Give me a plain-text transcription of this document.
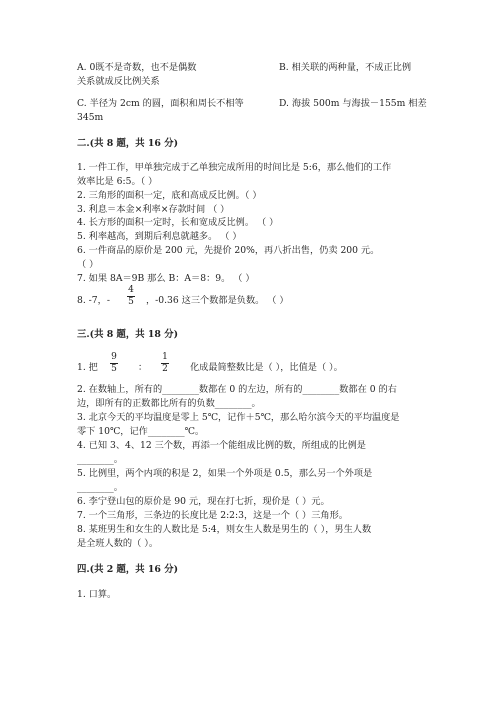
A. 0既不是奇数，也不是偶数	B. 相关联的两种量，不成正比例
关系就成反比例关系
C. 半径为 2cm 的圆，面积和周长不相等	D. 海拔 500m 与海拔－155m 相差
345m
二.(共 8 题，共 16 分)
1. 一件工作，甲单独完成于乙单独完成所用的时间比是 5:6，那么他们的工作
效率比是 6:5。（ ）
2. 三角形的面积一定，底和高成反比例。（ ）
3. 利息＝本金×利率×存款时间 （ ）
4. 长方形的面积一定时，长和宽成反比例。 （ ）
5. 利率越高，到期后利息就越多。 （ ）
6. 一件商品的原价是 200 元，先提价 20%，再八折出售，仍卖 200 元。
（ ）
7. 如果 8A＝9B 那么 B：A＝8：9。 （ ）
8. -7，-
4
5 ，-0.36 这三个数都是负数。 （ ）
三.(共 8 题，共 18 分)
1. 把
9
5 ：
1
2 化成最简整数比是（ ），比值是（ ）。
2. 在数轴上，所有的________数都在 0 的左边，所有的________数都在 0 的右
边，即所有的正数都比所有的负数________。
3. 北京今天的平均温度是零上 5℃，记作＋5℃，那么哈尔滨今天的平均温度是
零下 10℃，记作________℃。
4. 已知 3、4、12 三个数，再添一个能组成比例的数，所组成的比例是
________。
5. 比例里，两个内项的积是 2，如果一个外项是 0.5，那么另一个外项是
________。
6. 李宁登山包的原价是 90 元，现在打七折，现价是（ ）元。
7. 一个三角形，三条边的长度比是 2:2:3，这是一个（ ）三角形。
8. 某班男生和女生的人数比是 5:4，则女生人数是男生的（ ），男生人数
是全班人数的（ ）。
四.(共 2 题，共 16 分)
1. 口算。
